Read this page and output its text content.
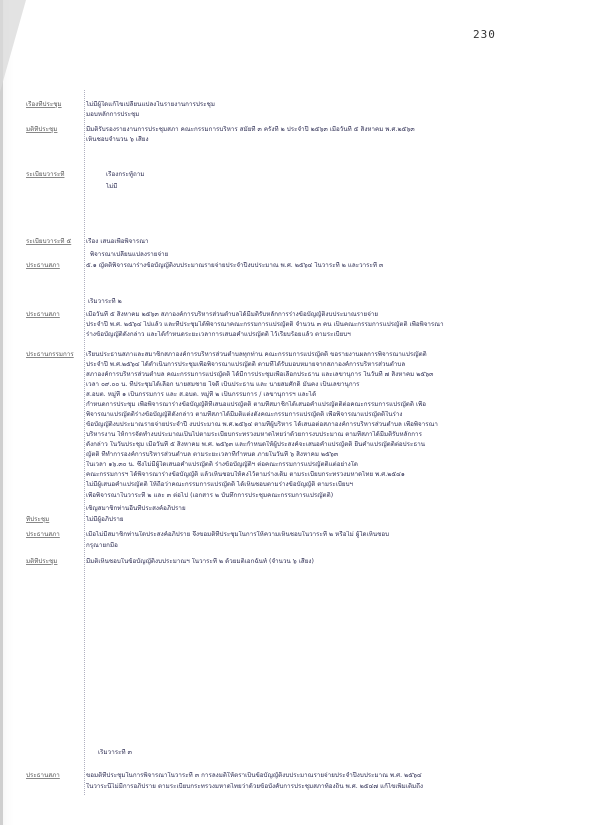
230
เรื่องที่ประชุม	ไม่มีผู้ใดแก้ไขเปลี่ยนแปลงในรายงานการประชุม
มอบหลักการประชุม
มติที่ประชุม	มีมติรับรองรายงานการประชุมสภา คณะกรรมการบริหาร สมัยที่ ๓ ครั้งที่ ๒ ประจำปี ๒๕๖๓ เมื่อวันที่ ๕ สิงหาคม พ.ศ.๒๕๖๓
เห็นชอบจำนวน ๖ เสียง
ระเบียบวาระที่	เรื่องกระทู้ถาม
ไม่มี
ระเบียบวาระที่ ๕	เรื่อง เสนอเพื่อพิจารณา
พิจารณาเปลี่ยนแปลงรายจ่าย
ประธานสภา	๕.๑ ญัตติพิจารณาร่างข้อบัญญัติงบประมาณรายจ่ายประจำปีงบประมาณ พ.ศ. ๒๕๖๔ ในวาระที่ ๒ และวาระที่ ๓
เริ่มวาระที่ ๒
ประธานสภา	เมื่อวันที่ ๕ สิงหาคม ๒๕๖๓ สภาองค์การบริหารส่วนตำบลได้มีมติรับหลักการร่างข้อบัญญัติงบประมาณรายจ่าย
ประจำปี พ.ศ. ๒๕๖๔ ไปแล้ว และที่ประชุมได้พิจารณาคณะกรรมการแปรญัตติ จำนวน ๓ คน เป็นคณะกรรมการแปรญัตติ เพื่อพิจารณา
ร่างข้อบัญญัติดังกล่าว และได้กำหนดระยะเวลาการเสนอคำแปรญัตติ ไว้เรียบร้อยแล้ว ตามระเบียบฯ
ประธานกรรมการ	เรียนประธานสภาและสมาชิกสภาองค์การบริหารส่วนตำบลทุกท่าน คณะกรรมการแปรญัตติ ขอรายงานผลการพิจารณาแปรญัตติ
ประจำปี พ.ศ.๒๕๖๔ ได้ดำเนินการประชุมเพื่อพิจารณาแปรญัตติ ตามที่ได้รับมอบหมายจากสภาองค์การบริหารส่วนตำบล
สภาองค์การบริหารส่วนตำบล คณะกรรมการแปรญัตติ ได้มีการประชุมเพื่อเลือกประธาน และเลขานุการ ในวันที่ ๗ สิงหาคม ๒๕๖๓
เวลา ๐๙.๐๐ น. ที่ประชุมได้เลือก นายสมชาย ใจดี เป็นประธาน และ นายสมศักดิ์ มั่นคง เป็นเลขานุการ
ส.อบต. หมู่ที่ ๑ เป็นกรรมการ และ ส.อบต. หมู่ที่ ๒ เป็นกรรมการ / เลขานุการฯ และได้
กำหนดการประชุม เพื่อพิจารณาร่างข้อบัญญัติที่เสนอแปรญัตติ ตามที่สมาชิกได้เสนอคำแปรญัตติต่อคณะกรรมการแปรญัตติ เพื่อ
พิจารณาแปรญัตติร่างข้อบัญญัติดังกล่าว ตามที่สภาได้มีมติแต่งตั้งคณะกรรมการแปรญัตติ เพื่อพิจารณาแปรญัตติในร่าง
ข้อบัญญัติงบประมาณรายจ่ายประจำปี งบประมาณ พ.ศ.๒๕๖๔ ตามที่ผู้บริหาร ได้เสนอต่อสภาองค์การบริหารส่วนตำบล เพื่อพิจารณา
บริหารงาน ให้การจัดทำงบประมาณเป็นไปตามระเบียบกระทรวงมหาดไทยว่าด้วยการงบประมาณ ตามที่สภาได้มีมติรับหลักการ
ดังกล่าว ในวันประชุม เมื่อวันที่ ๕ สิงหาคม พ.ศ. ๒๕๖๓ และกำหนดให้ผู้ประสงค์จะเสนอคำแปรญัตติ ยื่นคำแปรญัตติต่อประธาน
ญัตติ ที่ทำการองค์การบริหารส่วนตำบล ตามระยะเวลาที่กำหนด ภายในวันที่ ๖ สิงหาคม ๒๕๖๓
ในเวลา ๑๖.๓๐ น. ซึ่งไม่มีผู้ใดเสนอคำแปรญัตติ ร่างข้อบัญญัติฯ ต่อคณะกรรมการแปรญัตติแต่อย่างใด
คณะกรรมการฯ ได้พิจารณาร่างข้อบัญญัติ แล้วเห็นชอบให้คงไว้ตามร่างเดิม ตามระเบียบกระทรวงมหาดไทย พ.ศ.๒๕๔๑
ไม่มีผู้เสนอคำแปรญัตติ ให้ถือว่าคณะกรรมการแปรญัตติ ได้เห็นชอบตามร่างข้อบัญญัติ ตามระเบียบฯ
เพื่อพิจารณาในวาระที่ ๒ และ ๓ ต่อไป (เอกสาร ๒ บันทึกการประชุมคณะกรรมการแปรญัตติ)
เชิญสมาชิกท่านอื่นที่ประสงค์อภิปราย
ที่ประชุม	ไม่มีผู้อภิปราย
ประธานสภา	เมื่อไม่มีสมาชิกท่านใดประสงค์อภิปราย จึงขอมติที่ประชุมในการให้ความเห็นชอบในวาระที่ ๒ หรือไม่ ผู้ใดเห็นชอบ
กรุณายกมือ
มติที่ประชุม	มีมติเห็นชอบในข้อบัญญัติงบประมาณฯ ในวาระที่ ๒ ด้วยมติเอกฉันท์ (จำนวน ๖ เสียง)
เริ่มวาระที่ ๓
ประธานสภา	ขอมติที่ประชุมในการพิจารณาในวาระที่ ๓ การลงมติให้ตราเป็นข้อบัญญัติงบประมาณรายจ่ายประจำปีงบประมาณ พ.ศ. ๒๕๖๔
ในวาระนี้ไม่มีการอภิปราย ตามระเบียบกระทรวงมหาดไทยว่าด้วยข้อบังคับการประชุมสภาท้องถิ่น พ.ศ. ๒๕๔๗ แก้ไขเพิ่มเติมถึง
